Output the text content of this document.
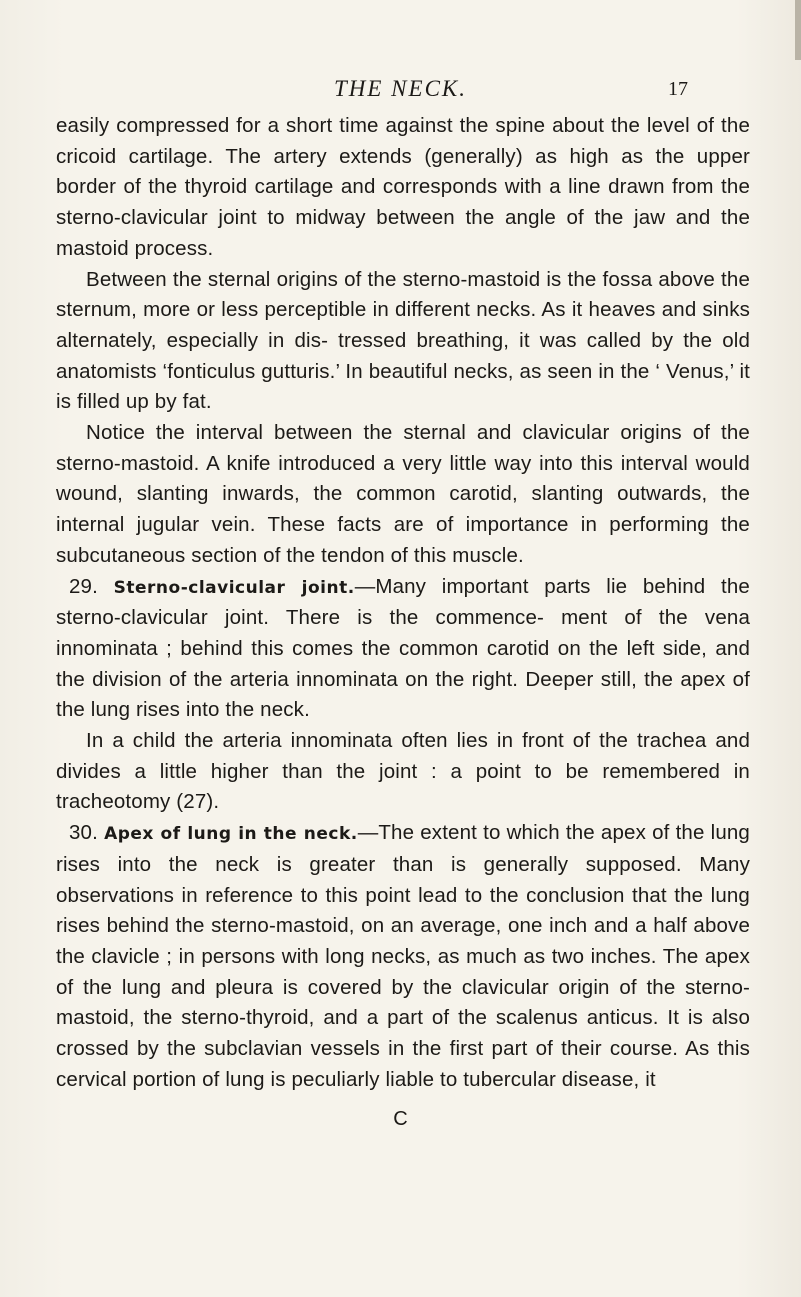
THE NECK.	17

easily compressed for a short time against the spine about the level of the cricoid cartilage. The artery extends (generally) as high as the upper border of the thyroid cartilage and corresponds with a line drawn from the sterno-clavicular joint to midway between the angle of the jaw and the mastoid process.

Between the sternal origins of the sterno-mastoid is the fossa above the sternum, more or less perceptible in different necks. As it heaves and sinks alternately, especially in dis- tressed breathing, it was called by the old anatomists ‘fonticulus gutturis.’ In beautiful necks, as seen in the ‘ Venus,’ it is filled up by fat.

Notice the interval between the sternal and clavicular origins of the sterno-mastoid. A knife introduced a very little way into this interval would wound, slanting inwards, the common carotid, slanting outwards, the internal jugular vein. These facts are of importance in performing the subcutaneous section of the tendon of this muscle.

29. Sterno-clavicular joint.—Many important parts lie behind the sterno-clavicular joint. There is the commence- ment of the vena innominata ; behind this comes the common carotid on the left side, and the division of the arteria innominata on the right. Deeper still, the apex of the lung rises into the neck.

In a child the arteria innominata often lies in front of the trachea and divides a little higher than the joint : a point to be remembered in tracheotomy (27).

30. Apex of lung in the neck.—The extent to which the apex of the lung rises into the neck is greater than is generally supposed. Many observations in reference to this point lead to the conclusion that the lung rises behind the sterno-mastoid, on an average, one inch and a half above the clavicle ; in persons with long necks, as much as two inches. The apex of the lung and pleura is covered by the clavicular origin of the sterno-mastoid, the sterno-thyroid, and a part of the scalenus anticus. It is also crossed by the subclavian vessels in the first part of their course. As this cervical portion of lung is peculiarly liable to tubercular disease, it

C
